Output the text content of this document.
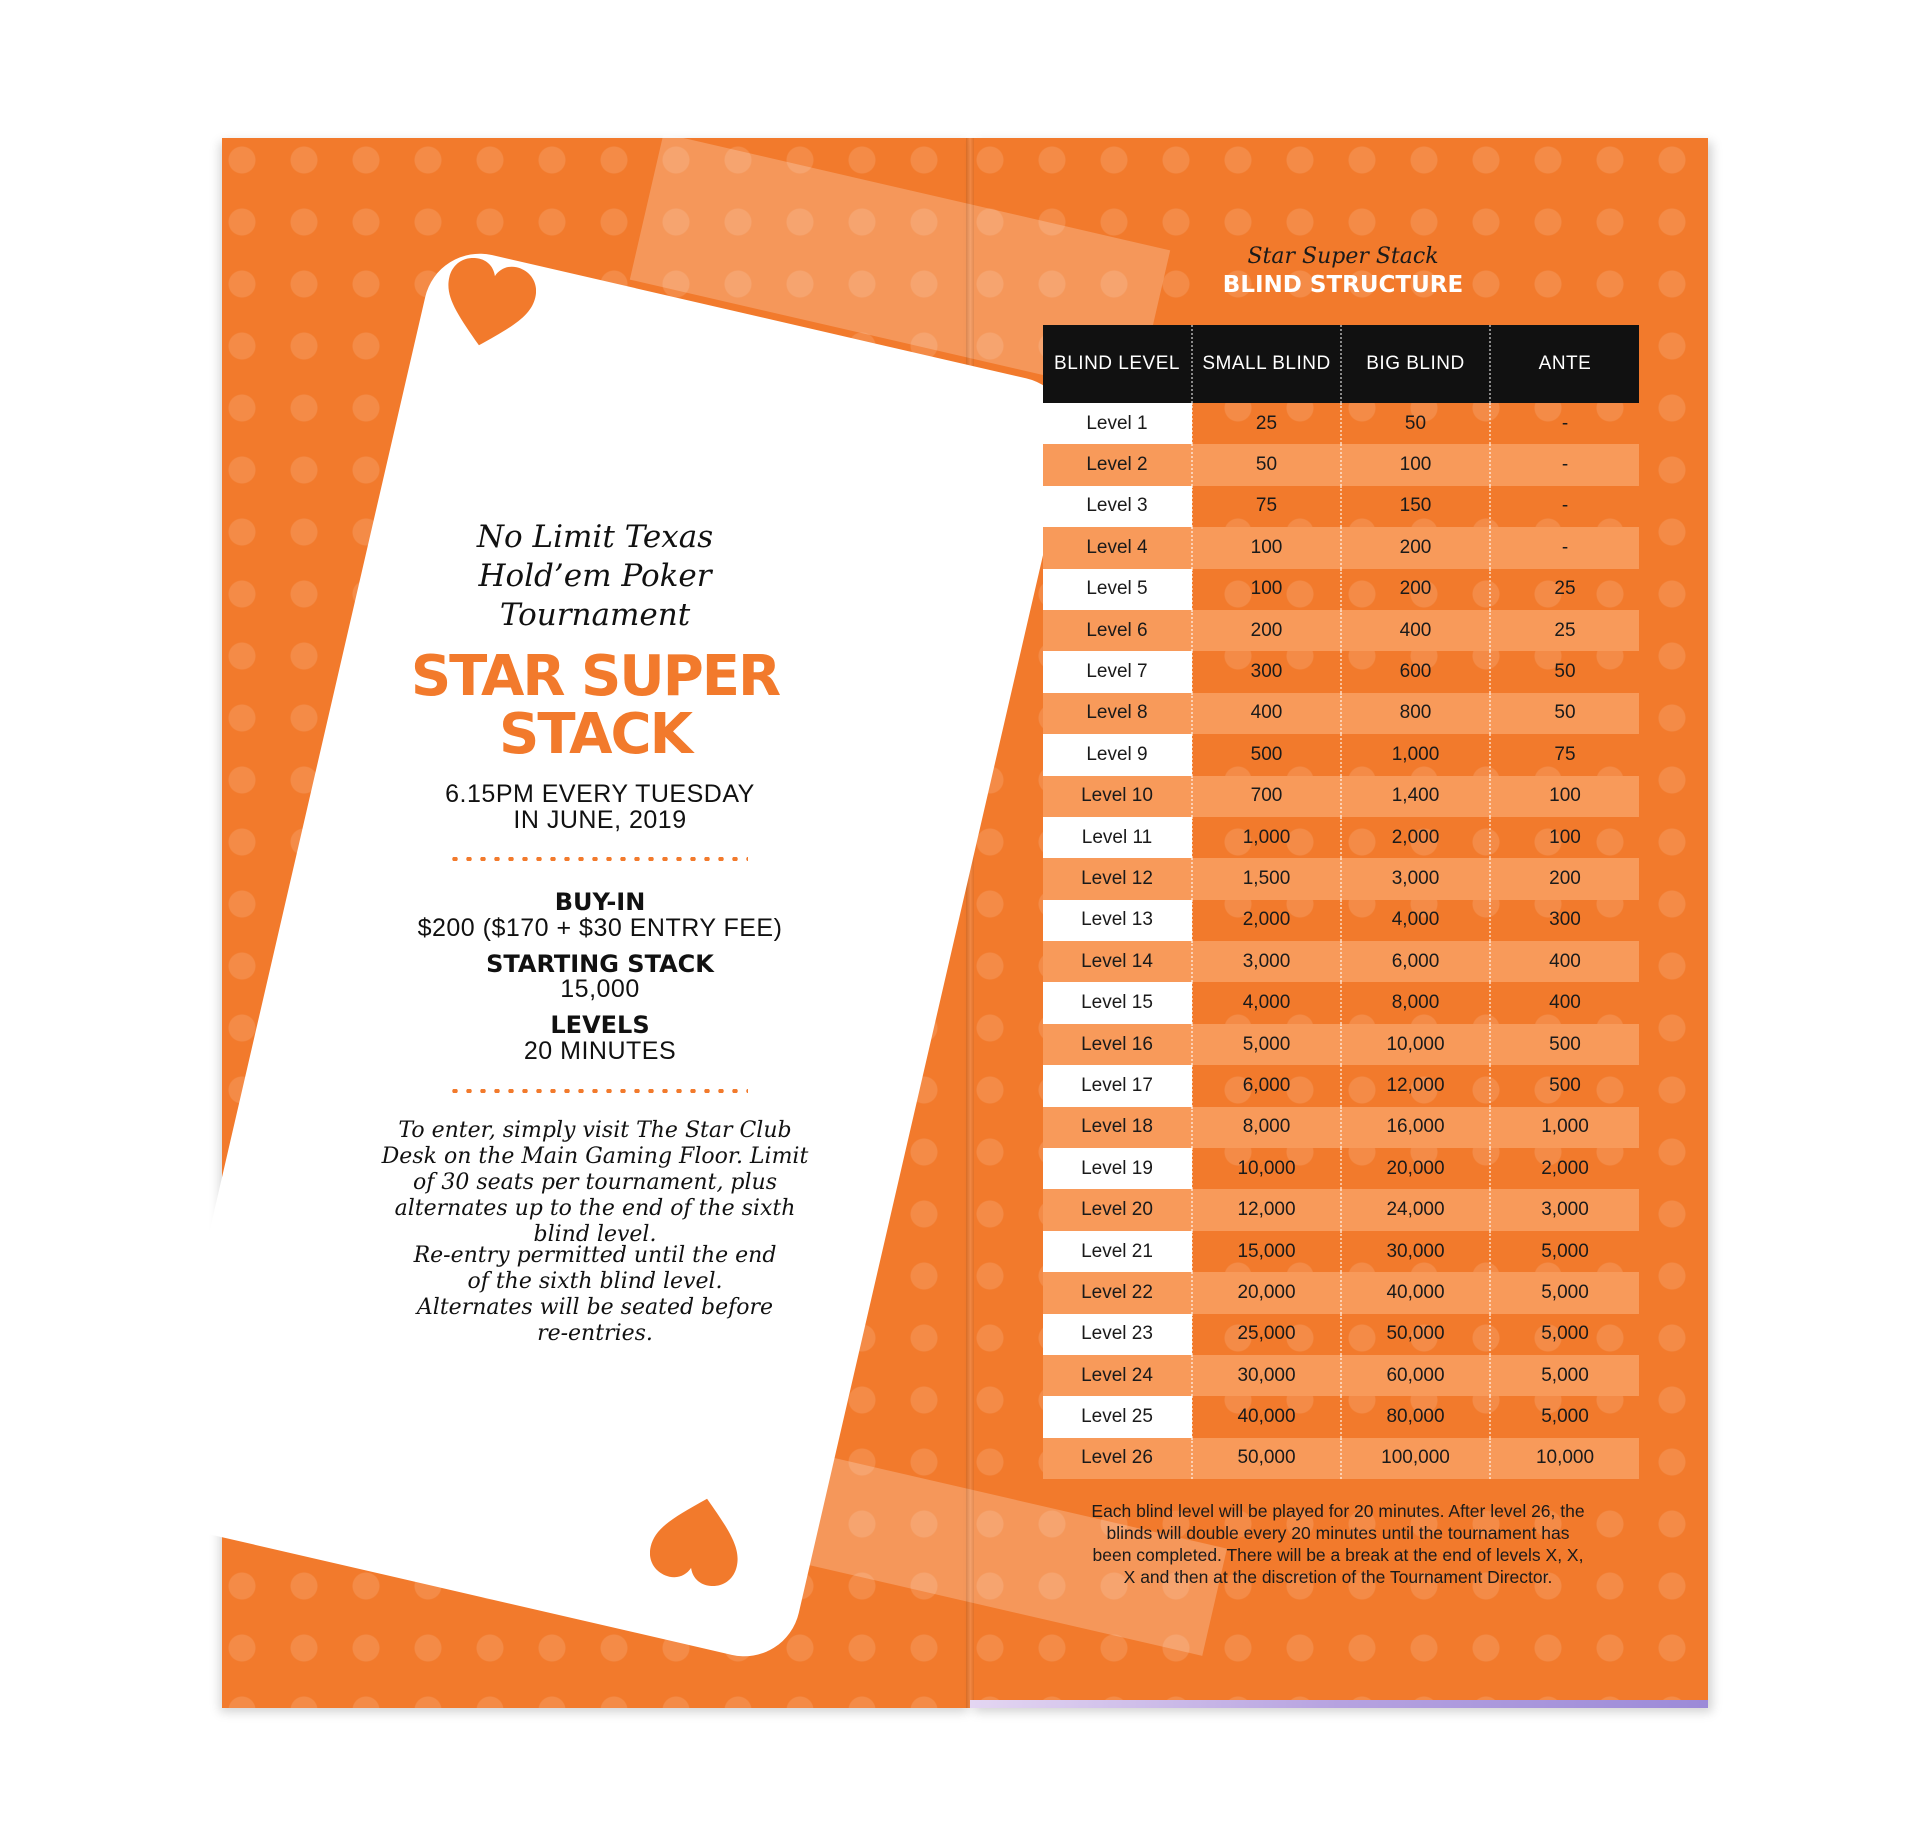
No Limit Texas Hold’em Poker Tournament
STAR SUPER STACK
6.15PM EVERY TUESDAY
IN JUNE, 2019
BUY-IN
$200 ($170 + $30 ENTRY FEE)
STARTING STACK
15,000
LEVELS
20 MINUTES
To enter, simply visit The Star Club Desk on the Main Gaming Floor. Limit of 30 seats per tournament, plus alternates up to the end of the sixth blind level.
Re-entry permitted until the end of the sixth blind level. Alternates will be seated before re-entries.
Star Super Stack
BLIND STRUCTURE
BLIND LEVEL	SMALL BLIND	BIG BLIND	ANTE
Level 1	25	50	-
Level 2	50	100	-
Level 3	75	150	-
Level 4	100	200	-
Level 5	100	200	25
Level 6	200	400	25
Level 7	300	600	50
Level 8	400	800	50
Level 9	500	1,000	75
Level 10	700	1,400	100
Level 11	1,000	2,000	100
Level 12	1,500	3,000	200
Level 13	2,000	4,000	300
Level 14	3,000	6,000	400
Level 15	4,000	8,000	400
Level 16	5,000	10,000	500
Level 17	6,000	12,000	500
Level 18	8,000	16,000	1,000
Level 19	10,000	20,000	2,000
Level 20	12,000	24,000	3,000
Level 21	15,000	30,000	5,000
Level 22	20,000	40,000	5,000
Level 23	25,000	50,000	5,000
Level 24	30,000	60,000	5,000
Level 25	40,000	80,000	5,000
Level 26	50,000	100,000	10,000
Each blind level will be played for 20 minutes. After level 26, the blinds will double every 20 minutes until the tournament has been completed. There will be a break at the end of levels X, X, X and then at the discretion of the Tournament Director.
